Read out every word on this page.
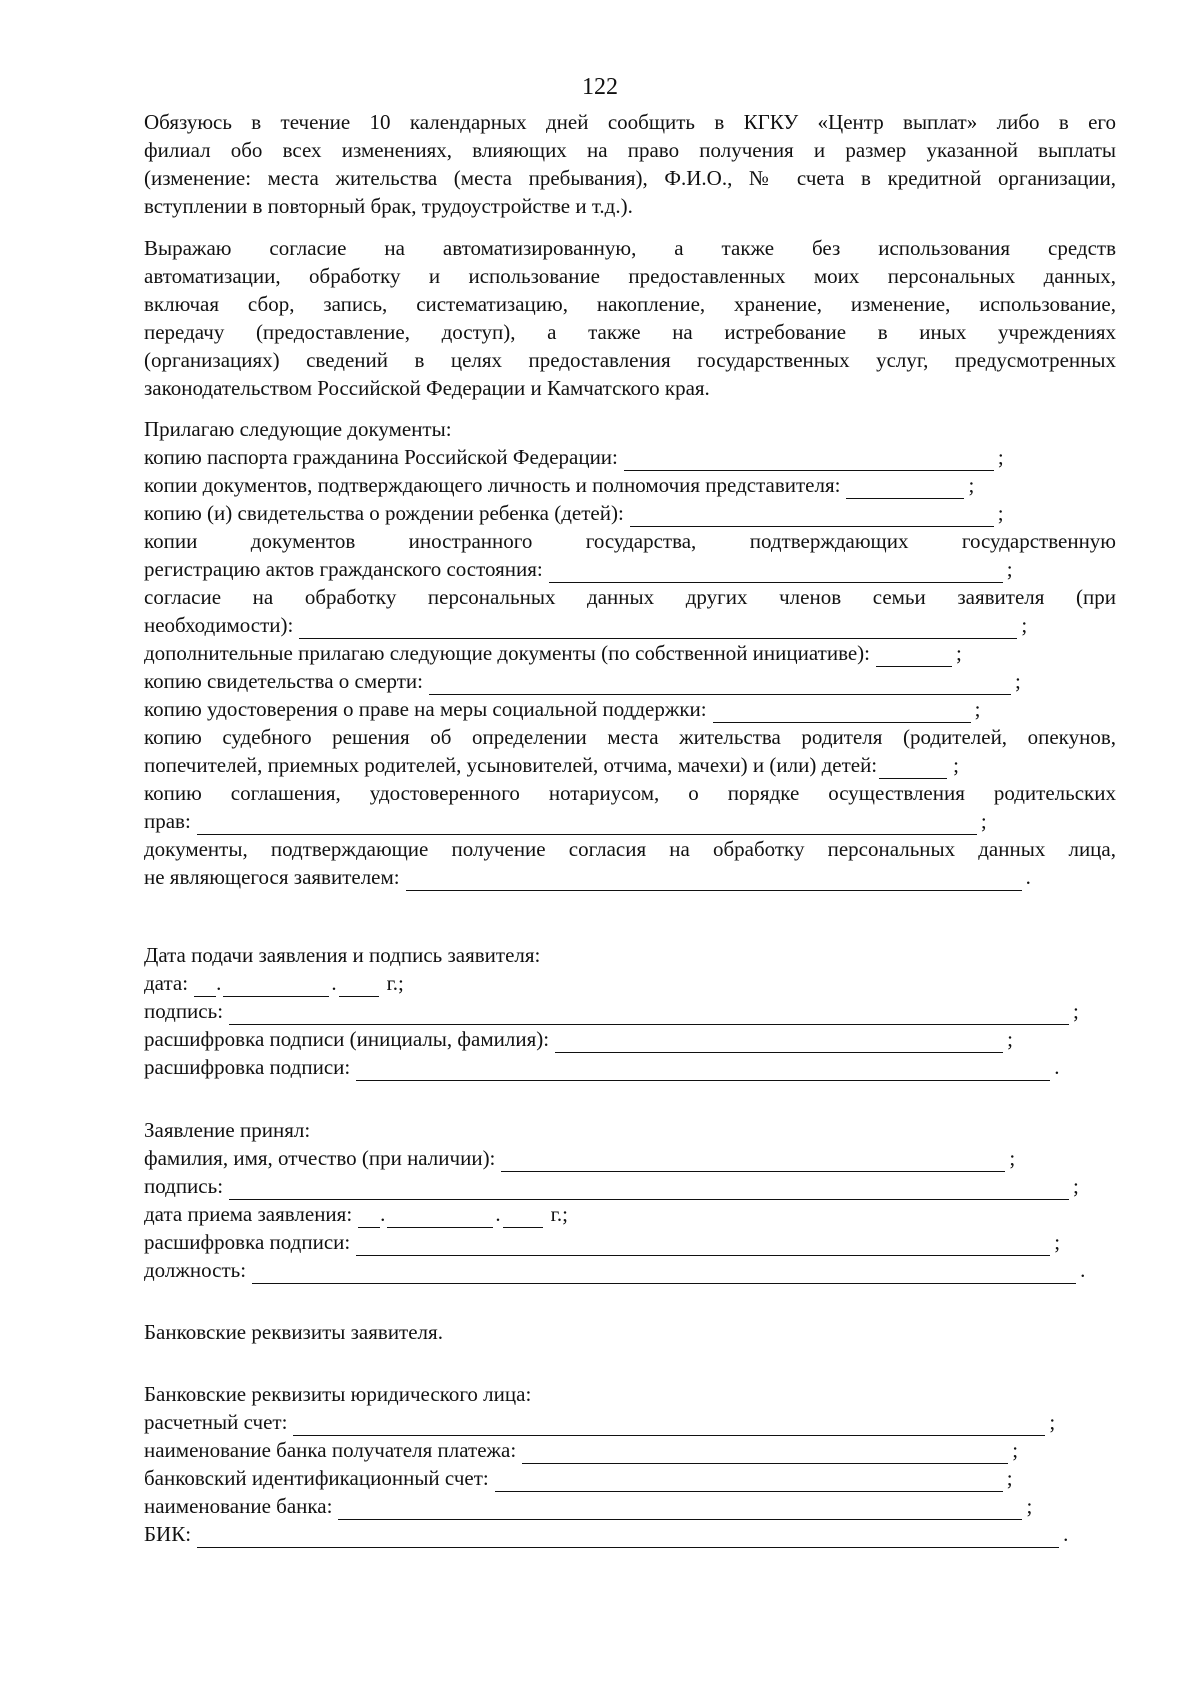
122
Обязуюсь в течение 10 календарных дней сообщить в КГКУ «Центр выплат» либо в его
филиал обо всех изменениях, влияющих на право получения и размер указанной выплаты
(изменение: места жительства (места пребывания), Ф.И.О., № счета в кредитной организации,
вступлении в повторный брак, трудоустройстве и т.д.).
Выражаю согласие на автоматизированную, а также без использования средств
автоматизации, обработку и использование предоставленных моих персональных данных,
включая сбор, запись, систематизацию, накопление, хранение, изменение, использование,
передачу (предоставление, доступ), а также на истребование в иных учреждениях
(организациях) сведений в целях предоставления государственных услуг, предусмотренных
законодательством Российской Федерации и Камчатского края.
Прилагаю следующие документы:
копию паспорта гражданина Российской Федерации:	;
копии документов, подтверждающего личность и полномочия представителя:	;
копию (и) свидетельства о рождении ребенка (детей):	;
копии документов иностранного государства, подтверждающих государственную
регистрацию актов гражданского состояния:	;
согласие на обработку персональных данных других членов семьи заявителя (при
необходимости):	;
дополнительные прилагаю следующие документы (по собственной инициативе):	;
копию свидетельства о смерти:	;
копию удостоверения о праве на меры социальной поддержки:	;
копию судебного решения об определении места жительства родителя (родителей, опекунов,
попечителей, приемных родителей, усыновителей, отчима, мачехи) и (или) детей:	;
копию соглашения, удостоверенного нотариусом, о порядке осуществления родительских
прав:	;
документы, подтверждающие получение согласия на обработку персональных данных лица,
не являющегося заявителем:	.
Дата подачи заявления и подпись заявителя:
дата: .	. г.;
подпись:	;
расшифровка подписи (инициалы, фамилия):	;
расшифровка подписи:	.
Заявление принял:
фамилия, имя, отчество (при наличии):	;
подпись:	;
дата приема заявления: .	. г.;
расшифровка подписи:	;
должность:	.
Банковские реквизиты заявителя.
Банковские реквизиты юридического лица:
расчетный счет:	;
наименование банка получателя платежа:	;
банковский идентификационный счет:	;
наименование банка:	;
БИК:	.
